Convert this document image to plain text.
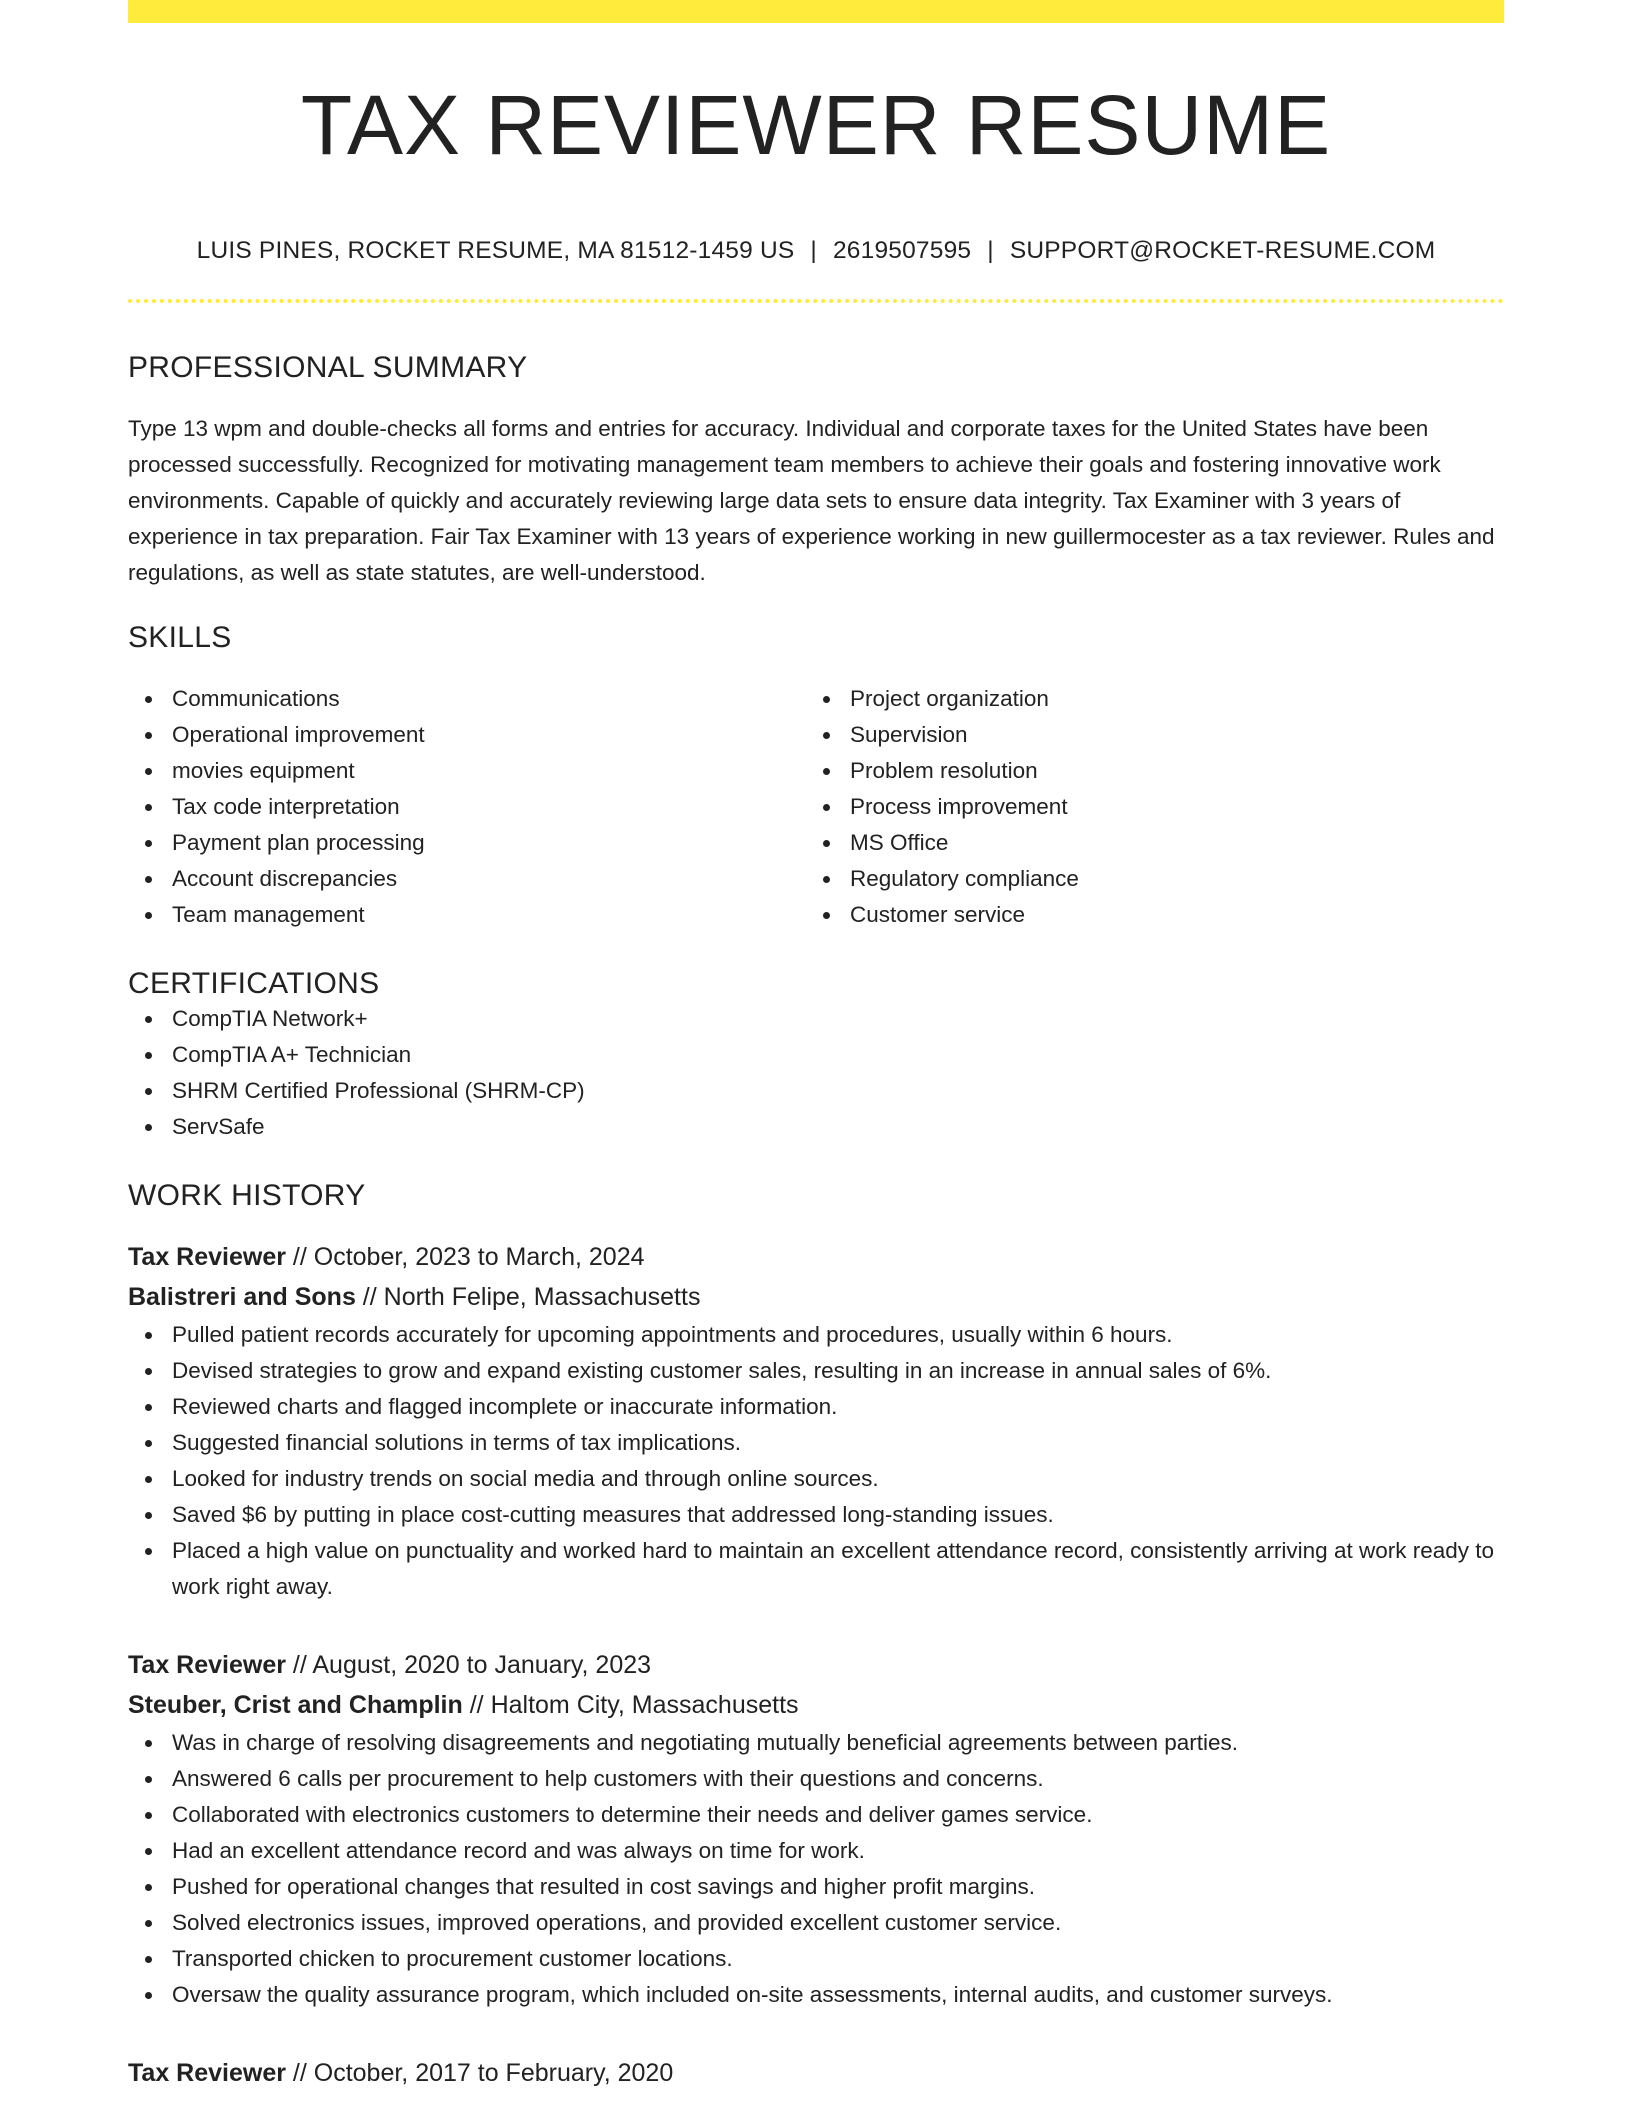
TAX REVIEWER RESUME
LUIS PINES, ROCKET RESUME, MA 81512-1459 US | 2619507595 | SUPPORT@ROCKET-RESUME.COM
PROFESSIONAL SUMMARY

Type 13 wpm and double-checks all forms and entries for accuracy. Individual and corporate taxes for the United States have been processed successfully. Recognized for motivating management team members to achieve their goals and fostering innovative work environments. Capable of quickly and accurately reviewing large data sets to ensure data integrity. Tax Examiner with 3 years of experience in tax preparation. Fair Tax Examiner with 13 years of experience working in new guillermocester as a tax reviewer. Rules and regulations, as well as state statutes, are well-understood.

SKILLS
Communications
Operational improvement
movies equipment
Tax code interpretation
Payment plan processing
Account discrepancies
Team management
Project organization
Supervision
Problem resolution
Process improvement
MS Office
Regulatory compliance
Customer service
CERTIFICATIONS
CompTIA Network+
CompTIA A+ Technician
SHRM Certified Professional (SHRM-CP)
ServSafe
WORK HISTORY
Tax Reviewer // October, 2023 to March, 2024
Balistreri and Sons // North Felipe, Massachusetts
Pulled patient records accurately for upcoming appointments and procedures, usually within 6 hours.
Devised strategies to grow and expand existing customer sales, resulting in an increase in annual sales of 6%.
Reviewed charts and flagged incomplete or inaccurate information.
Suggested financial solutions in terms of tax implications.
Looked for industry trends on social media and through online sources.
Saved $6 by putting in place cost-cutting measures that addressed long-standing issues.
Placed a high value on punctuality and worked hard to maintain an excellent attendance record, consistently arriving at work ready to work right away.
Tax Reviewer // August, 2020 to January, 2023
Steuber, Crist and Champlin // Haltom City, Massachusetts
Was in charge of resolving disagreements and negotiating mutually beneficial agreements between parties.
Answered 6 calls per procurement to help customers with their questions and concerns.
Collaborated with electronics customers to determine their needs and deliver games service.
Had an excellent attendance record and was always on time for work.
Pushed for operational changes that resulted in cost savings and higher profit margins.
Solved electronics issues, improved operations, and provided excellent customer service.
Transported chicken to procurement customer locations.
Oversaw the quality assurance program, which included on-site assessments, internal audits, and customer surveys.
Tax Reviewer // October, 2017 to February, 2020
